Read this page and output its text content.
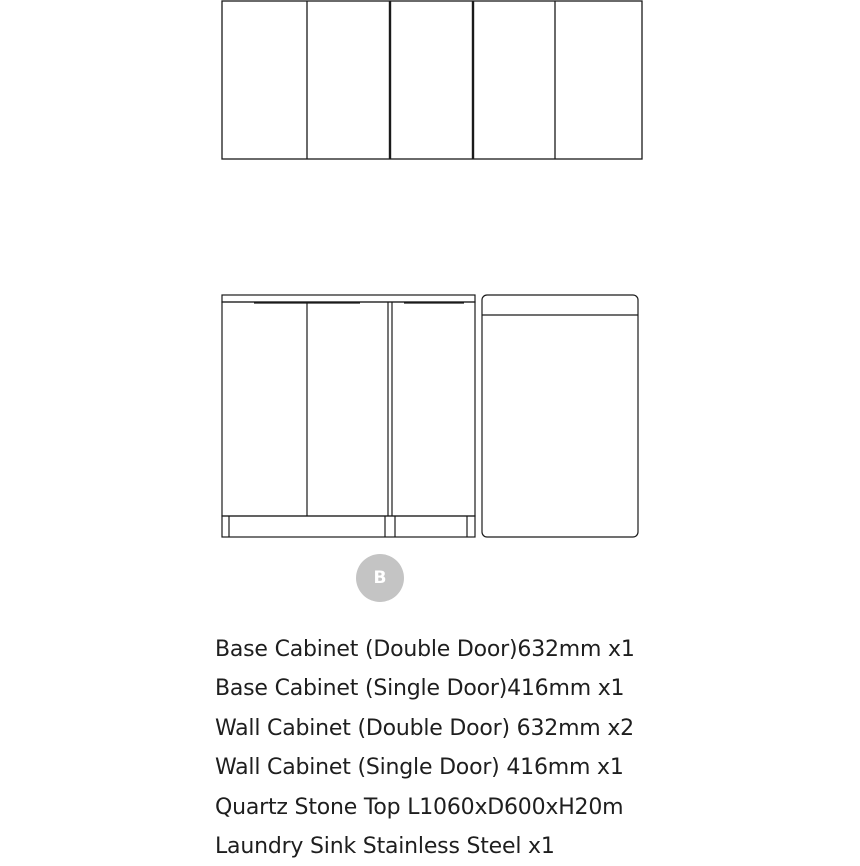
B
Base Cabinet (Double Door)632mm x1
Base Cabinet (Single Door)416mm x1
Wall Cabinet (Double Door) 632mm x2
Wall Cabinet (Single Door) 416mm x1
Quartz Stone Top L1060xD600xH20m
Laundry Sink Stainless Steel x1
